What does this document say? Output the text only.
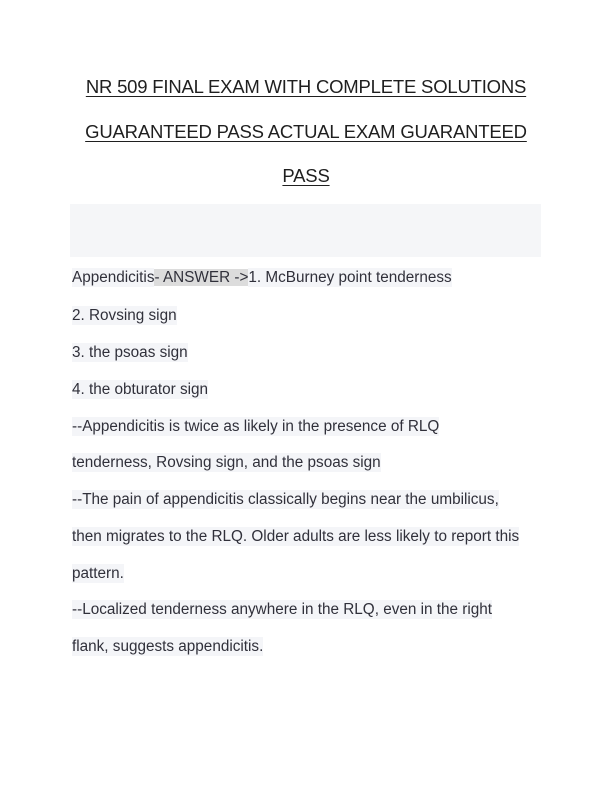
NR 509 FINAL EXAM WITH COMPLETE SOLUTIONS
GUARANTEED PASS ACTUAL EXAM GUARANTEED
PASS

Appendicitis- ANSWER ->1. McBurney point tenderness

2. Rovsing sign

3. the psoas sign

4. the obturator sign

--Appendicitis is twice as likely in the presence of RLQ

tenderness, Rovsing sign, and the psoas sign

--The pain of appendicitis classically begins near the umbilicus,

then migrates to the RLQ. Older adults are less likely to report this

pattern.

--Localized tenderness anywhere in the RLQ, even in the right

flank, suggests appendicitis.
